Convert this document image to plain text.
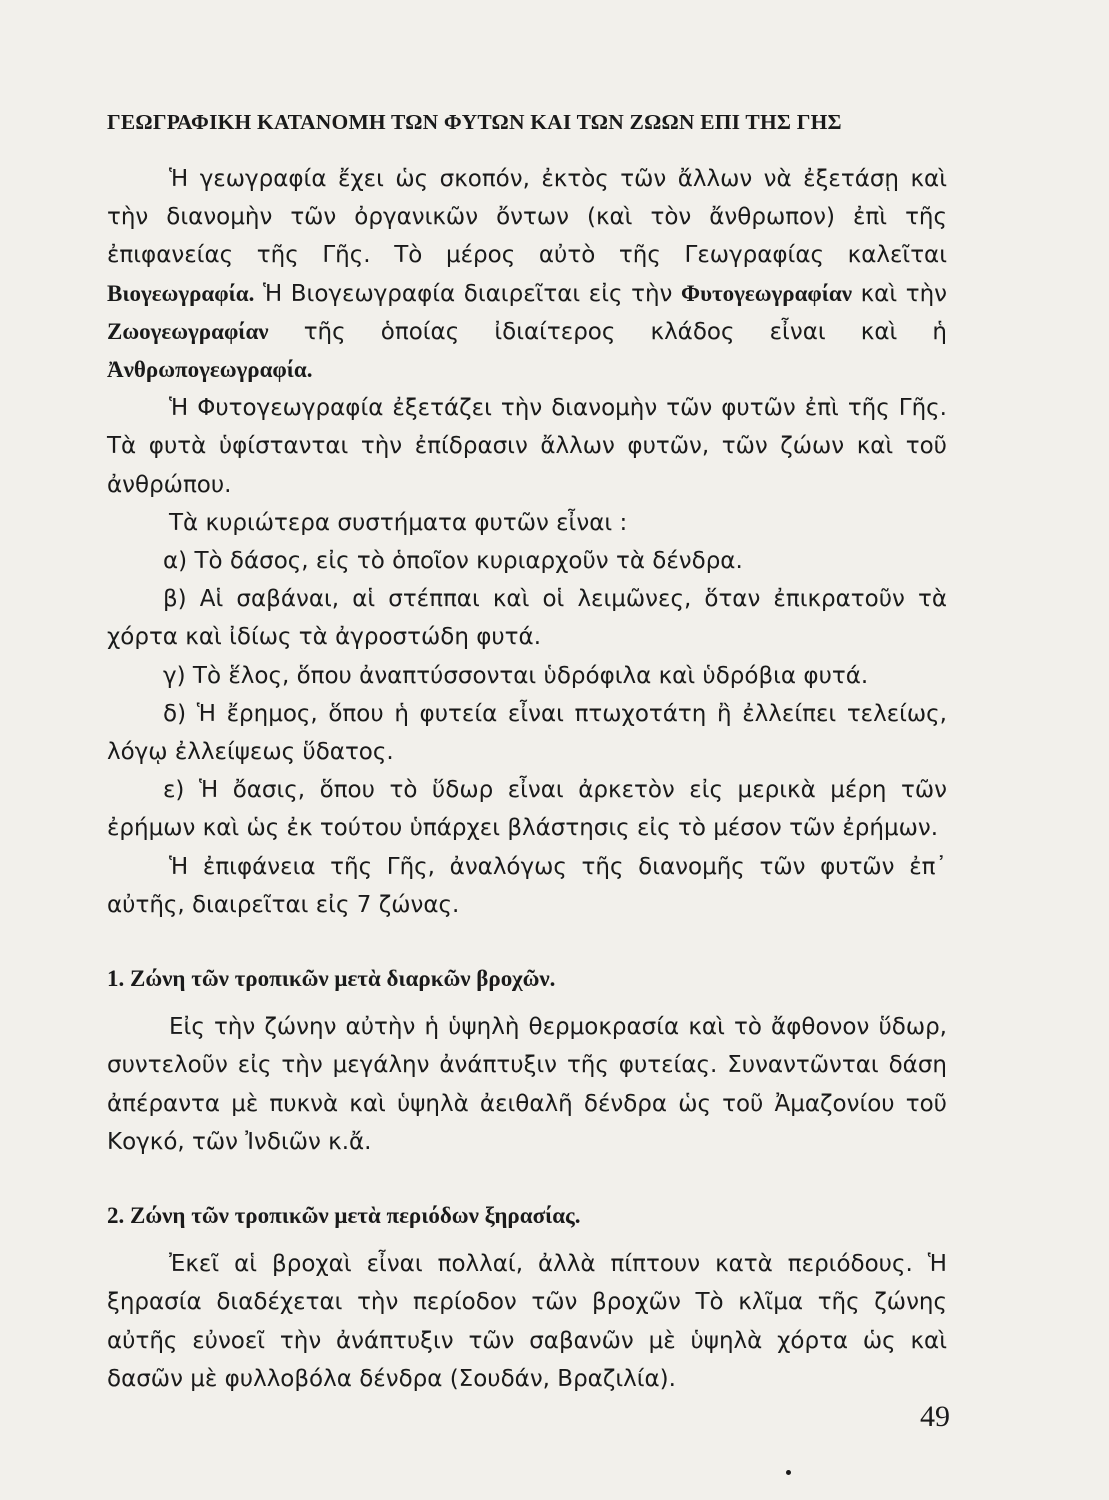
ΓΕΩΓΡΑΦΙΚΗ ΚΑΤΑΝΟΜΗ ΤΩΝ ΦΥΤΩΝ ΚΑΙ ΤΩΝ ΖΩΩΝ ΕΠΙ ΤΗΣ ΓΗΣ

Ἡ γεωγραφία ἔχει ὡς σκοπόν, ἐκτὸς τῶν ἄλλων νὰ ἐξετάσῃ καὶ τὴν διανομὴν τῶν ὀργανικῶν ὄντων (καὶ τὸν ἄνθρωπον) ἐπὶ τῆς ἐπιφανείας τῆς Γῆς. Τὸ μέρος αὐτὸ τῆς Γεωγραφίας καλεῖται Βιογεωγραφία. Ἡ Βιογεωγραφία διαιρεῖται εἰς τὴν Φυτογεωγραφίαν καὶ τὴν Ζωογεωγραφίαν τῆς ὁποίας ἰδιαίτερος κλάδος εἶναι καὶ ἡ Ἀνθρωπογεωγραφία.

Ἡ Φυτογεωγραφία ἐξετάζει τὴν διανομὴν τῶν φυτῶν ἐπὶ τῆς Γῆς. Τὰ φυτὰ ὑφίστανται τὴν ἐπίδρασιν ἄλλων φυτῶν, τῶν ζώων καὶ τοῦ ἀνθρώπου.

Τὰ κυριώτερα συστήματα φυτῶν εἶναι :

α) Τὸ δάσος, εἰς τὸ ὁποῖον κυριαρχοῦν τὰ δένδρα.

β) Αἱ σαβάναι, αἱ στέππαι καὶ οἱ λειμῶνες, ὅταν ἐπικρατοῦν τὰ χόρτα καὶ ἰδίως τὰ ἀγροστώδη φυτά.

γ) Τὸ ἕλος, ὅπου ἀναπτύσσονται ὑδρόφιλα καὶ ὑδρόβια φυτά.

δ) Ἡ ἔρημος, ὅπου ἡ φυτεία εἶναι πτωχοτάτη ἢ ἐλλείπει τελείως, λόγῳ ἐλλείψεως ὕδατος.

ε) Ἡ ὄασις, ὅπου τὸ ὕδωρ εἶναι ἀρκετὸν εἰς μερικὰ μέρη τῶν ἐρήμων καὶ ὡς ἐκ τούτου ὑπάρχει βλάστησις εἰς τὸ μέσον τῶν ἐρήμων.

Ἡ ἐπιφάνεια τῆς Γῆς, ἀναλόγως τῆς διανομῆς τῶν φυτῶν ἐπ᾽ αὐτῆς, διαιρεῖται εἰς 7 ζώνας.

1. Ζώνη τῶν τροπικῶν μετὰ διαρκῶν βροχῶν.

Εἰς τὴν ζώνην αὐτὴν ἡ ὑψηλὴ θερμοκρασία καὶ τὸ ἄφθονον ὕδωρ, συντελοῦν εἰς τὴν μεγάλην ἀνάπτυξιν τῆς φυτείας. Συναντῶνται δάση ἀπέραντα μὲ πυκνὰ καὶ ὑψηλὰ ἀειθαλῆ δένδρα ὡς τοῦ Ἀμαζονίου τοῦ Κογκό, τῶν Ἰνδιῶν κ.ἄ.

2. Ζώνη τῶν τροπικῶν μετὰ περιόδων ξηρασίας.

Ἐκεῖ αἱ βροχαὶ εἶναι πολλαί, ἀλλὰ πίπτουν κατὰ περιόδους. Ἡ ξηρασία διαδέχεται τὴν περίοδον τῶν βροχῶν Τὸ κλῖμα τῆς ζώνης αὐτῆς εὐνοεῖ τὴν ἀνάπτυξιν τῶν σαβανῶν μὲ ὑψηλὰ χόρτα ὡς καὶ δασῶν μὲ φυλλοβόλα δένδρα (Σουδάν, Βραζιλία).

49
